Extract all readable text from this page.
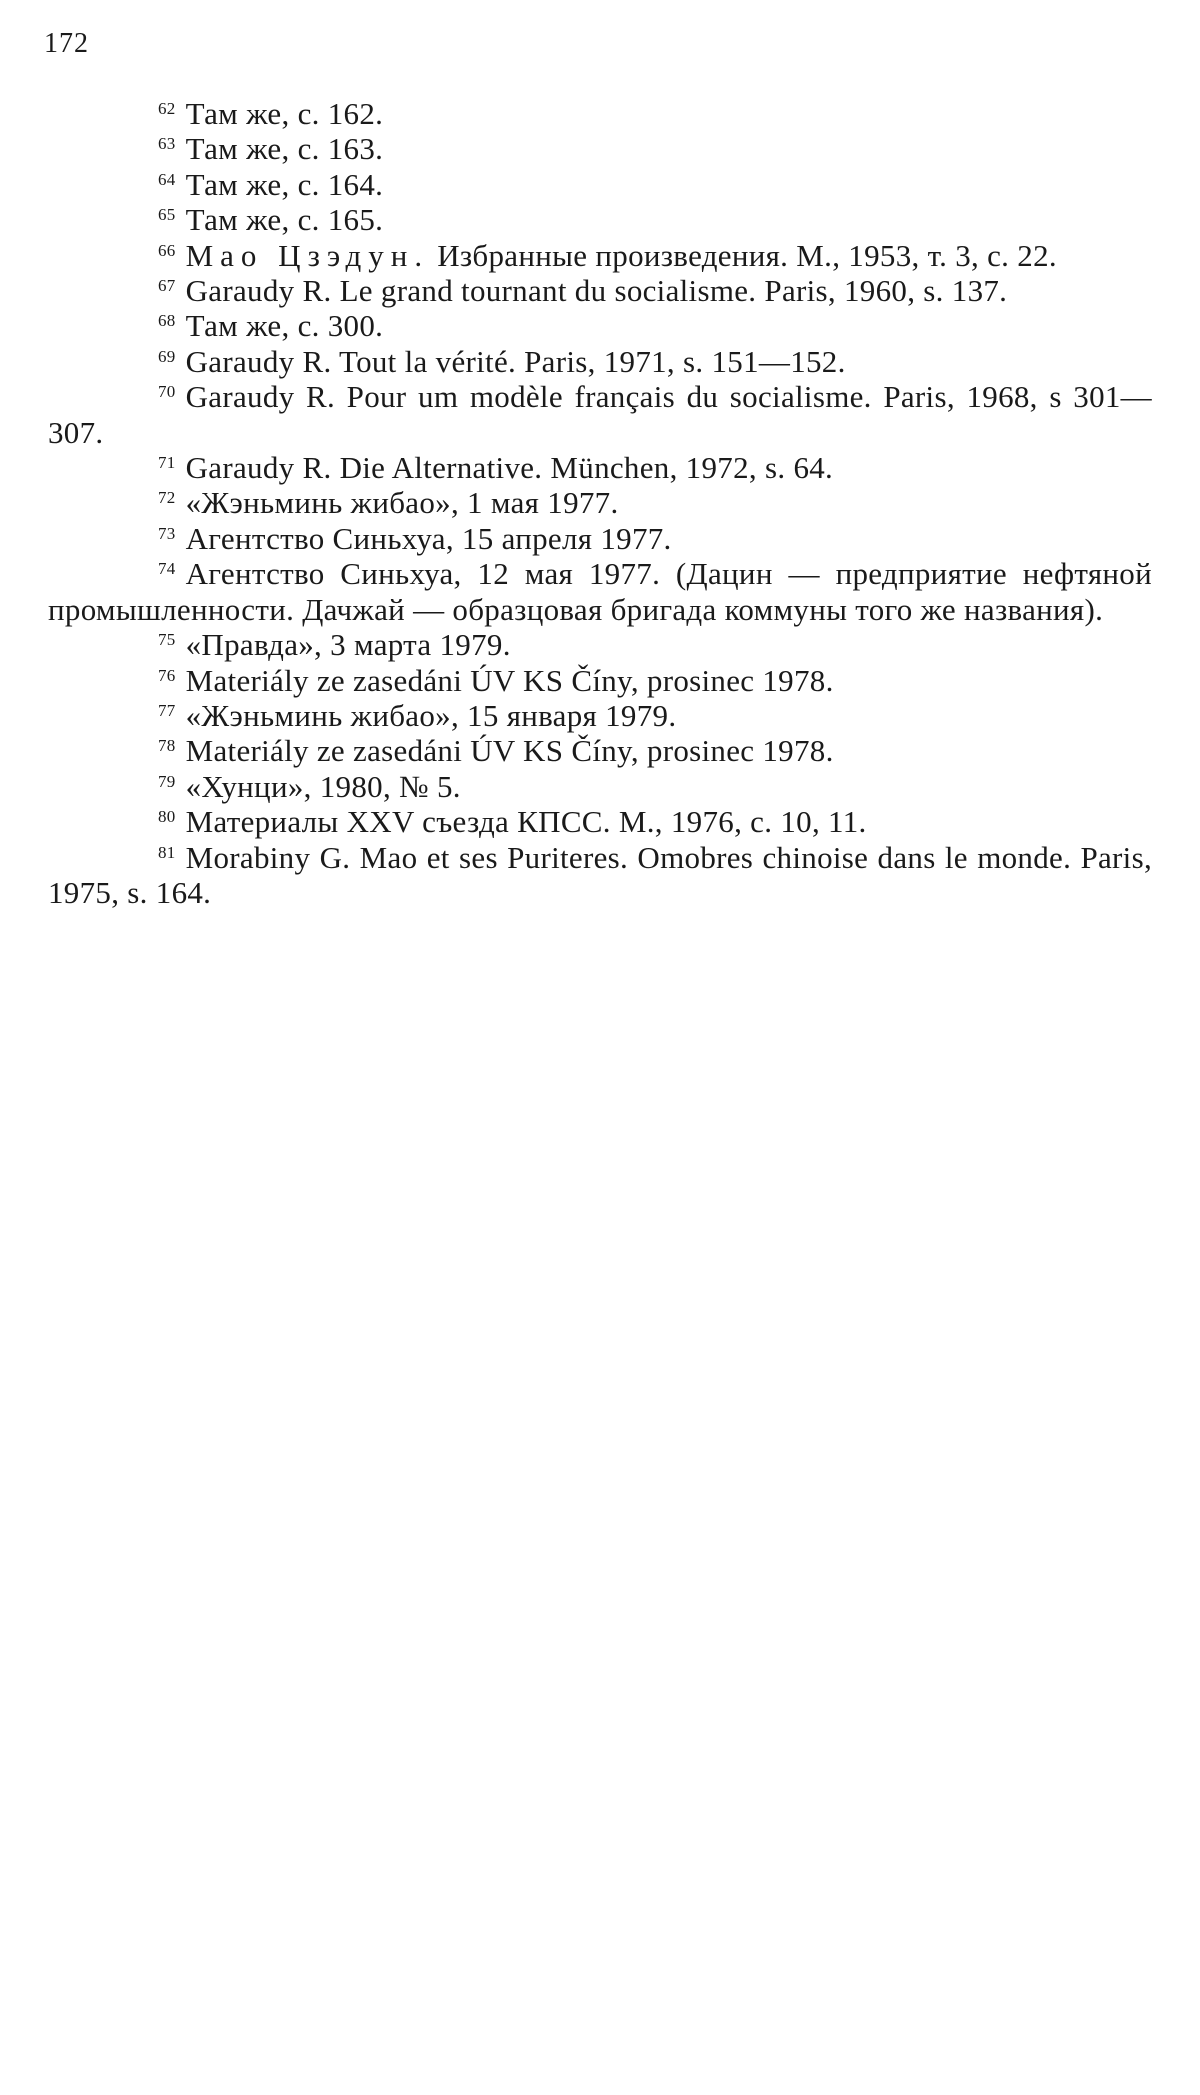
172

$^{62}$ Там же, с. 162.

$^{63}$ Там же, с. 163.

$^{64}$ Там же, с. 164.

$^{65}$ Там же, с. 165.

$^{66}$ Мао Цзэдун. Избранные произведения. М., 1953, т. 3, с. 22.

$^{67}$ Garaudy R. Le grand tournant du socialisme. Paris, 1960, s. 137.

$^{68}$ Там же, с. 300.

$^{69}$ Garaudy R. Tout la vérité. Paris, 1971, s. 151—152.

$^{70}$ Garaudy R. Pour um modèle français du socialisme. Paris, 1968, s 301—307.

$^{71}$ Garaudy R. Die Alternative. München, 1972, s. 64.

$^{72}$ «Жэньминь жибао», 1 мая 1977.

$^{73}$ Агентство Синьхуа, 15 апреля 1977.

$^{74}$ Агентство Синьхуа, 12 мая 1977. (Дацин — предприятие нефтяной промышленности. Дачжай — образцовая бригада коммуны того же названия).

$^{75}$ «Правда», 3 марта 1979.

$^{76}$ Materiály ze zasedáni ÚV KS Číny, prosinec 1978.

$^{77}$ «Жэньминь жибао», 15 января 1979.

$^{78}$ Materiály ze zasedáni ÚV KS Číny, prosinec 1978.

$^{79}$ «Хунци», 1980, № 5.

$^{80}$ Материалы XXV съезда КПСС. М., 1976, с. 10, 11.

$^{81}$ Morabiny G. Mao et ses Puriteres. Omobres chinoise dans le monde. Paris, 1975, s. 164.
